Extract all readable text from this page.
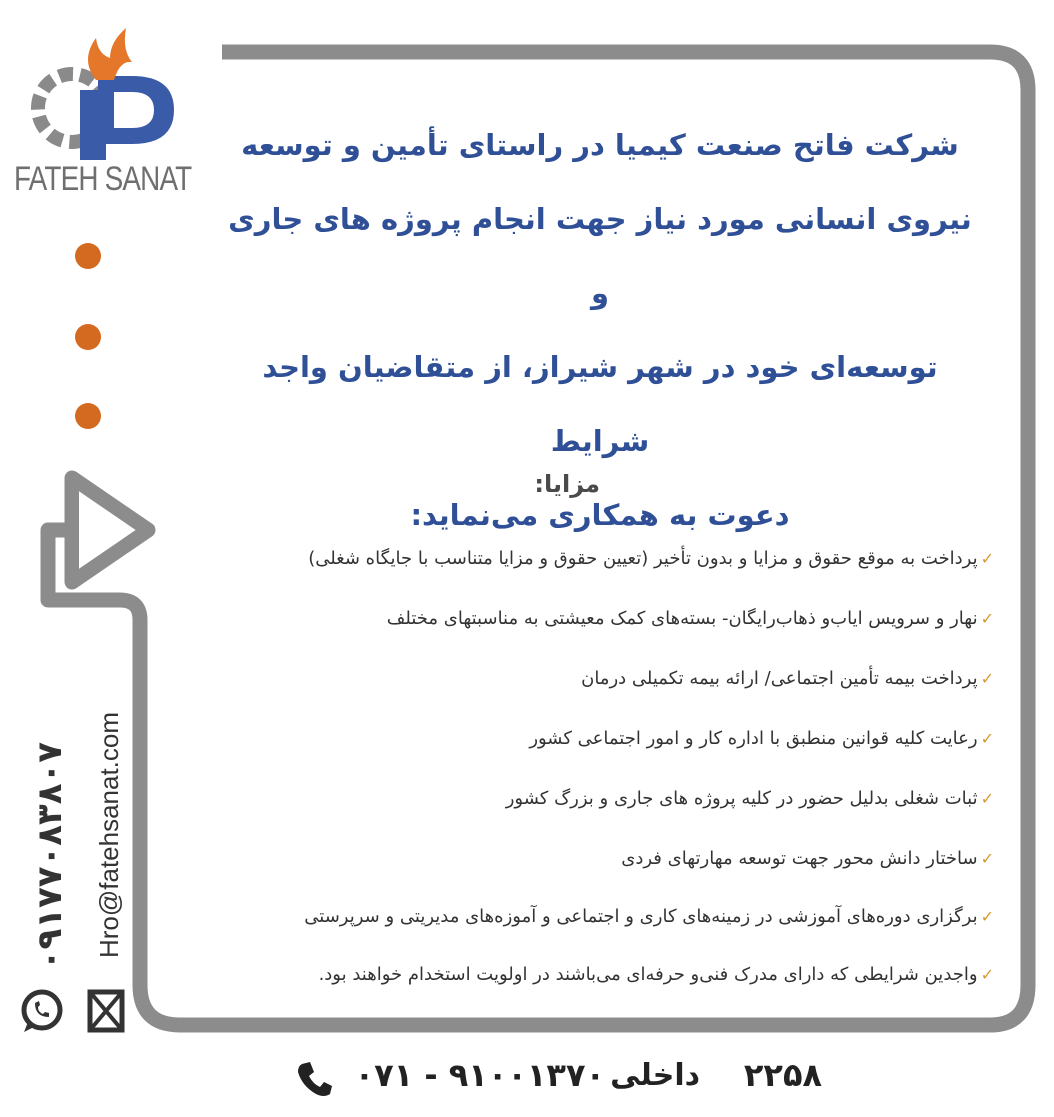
FATEH SANAT
شرکت فاتح صنعت کیمیا در راستای تأمین و توسعه
نیروی انسانی مورد نیاز جهت انجام پروژه های جاری و
توسعه‌ای خود در شهر شیراز، از متقاضیان واجد شرایط
دعوت به همکاری می‌نماید:
مزایا:
✓پرداخت به موقع حقوق و مزایا و بدون تأخیر (تعیین حقوق و مزایا متناسب با جایگاه شغلی)
✓نهار و سرویس ایاب‌و ذهاب‌رایگان- بسته‌های کمک معیشتی به مناسبتهای مختلف
✓پرداخت بیمه تأمین اجتماعی/ ارائه بیمه تکمیلی درمان
✓رعایت کلیه قوانین منطبق با اداره کار و امور اجتماعی کشور
✓ثبات شغلی بدلیل حضور در کلیه پروژه های جاری و بزرگ کشور
✓ساختار دانش محور جهت توسعه مهارتهای فردی
✓برگزاری دوره‌های آموزشی در زمینه‌های کاری و اجتماعی و آموزه‌های مدیریتی و سرپرستی
✓واجدین شرایطی که دارای مدرک فنی‌و حرفه‌ای می‌باشند در اولویت استخدام خواهند بود.
۰۹۱۷۷۰۸۳۸۰۷ Hro@fatehsanat.com
۲۲۵۸
داخلی
۰۷۱ - ۹۱۰۰۱۳۷۰
